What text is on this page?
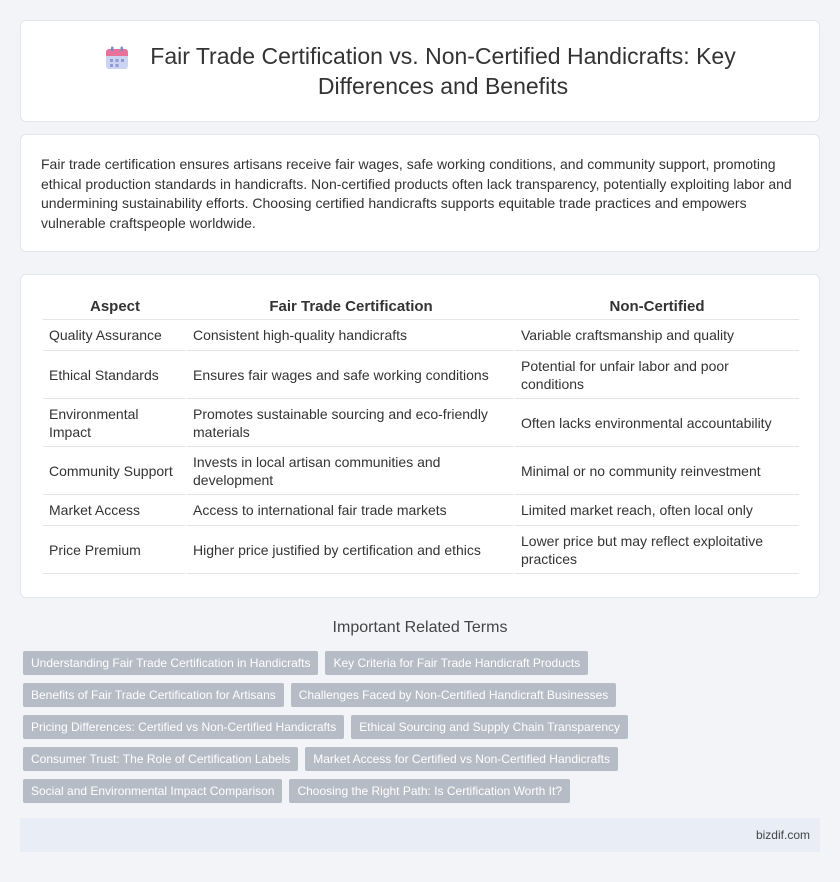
Fair Trade Certification vs. Non-Certified Handicrafts: Key
Differences and Benefits

Fair trade certification ensures artisans receive fair wages, safe working conditions, and community support, promoting ethical production standards in handicrafts. Non-certified products often lack transparency, potentially exploiting labor and undermining sustainability efforts. Choosing certified handicrafts supports equitable trade practices and empowers vulnerable craftspeople worldwide.

Aspect	Fair Trade Certification	Non-Certified
Quality Assurance	Consistent high-quality handicrafts	Variable craftsmanship and quality
Ethical Standards	Ensures fair wages and safe working conditions	Potential for unfair labor and poor conditions
Environmental Impact	Promotes sustainable sourcing and eco-friendly materials	Often lacks environmental accountability
Community Support	Invests in local artisan communities and development	Minimal or no community reinvestment
Market Access	Access to international fair trade markets	Limited market reach, often local only
Price Premium	Higher price justified by certification and ethics	Lower price but may reflect exploitative practices
Important Related Terms
Understanding Fair Trade Certification in Handicrafts	Key Criteria for Fair Trade Handicraft Products
Benefits of Fair Trade Certification for Artisans	Challenges Faced by Non-Certified Handicraft Businesses
Pricing Differences: Certified vs Non-Certified Handicrafts	Ethical Sourcing and Supply Chain Transparency
Consumer Trust: The Role of Certification Labels	Market Access for Certified vs Non-Certified Handicrafts
Social and Environmental Impact Comparison	Choosing the Right Path: Is Certification Worth It?
bizdif.com
